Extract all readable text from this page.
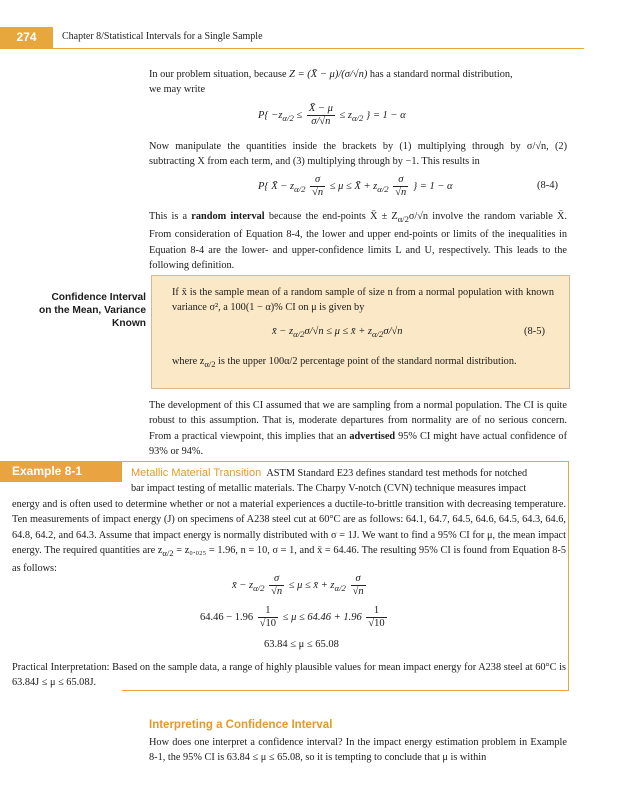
274	Chapter 8/Statistical Intervals for a Single Sample
In our problem situation, because Z = (X̄ − μ)/(σ/√n) has a standard normal distribution,
we may write
$P\{ -z_{\alpha/2} \le \frac{X̄ - \mu}{\sigma/√n} \le z_{\alpha/2}$ } = 1 − α
Now manipulate the quantities inside the brackets by (1) multiplying through by σ/√n, (2) subtracting X from each term, and (3) multiplying through by −1. This results in
P{ X̄ − $z_{\alpha/2} \frac{\sigma}{√n} \le \mu$ ≤ X̄ + $z_{\alpha/2} \frac{\sigma}{√n}$ } = 1 − α	(8-4)
This is a random interval because the end-points X̄ ± $Z_{\alpha/2}\sigma/√n$ involve the random variable X̄. From consideration of Equation 8-4, the lower and upper end-points or limits of the inequalities in Equation 8-4 are the lower- and upper-confidence limits L and U, respectively. This leads to the following definition.
Confidence Interval
on the Mean, Variance
Known
If x̄ is the sample mean of a random sample of size n from a normal population with known variance σ², a 100(1 − α)% CI on μ is given by
x̄ − $z_{\alpha/2}\sigma/√n \le \mu$ ≤ x̄ + $z_{\alpha/2}\sigma/√n$	(8-5)
where $z_{\alpha/2}$ is the upper 100α/2 percentage point of the standard normal distribution.
The development of this CI assumed that we are sampling from a normal population. The CI is quite robust to this assumption. That is, moderate departures from normality are of no serious concern. From a practical viewpoint, this implies that an advertised 95% CI might have actual confidence of 93% or 94%.
Example 8-1	Metallic Material Transition ASTM Standard E23 defines standard test methods for notched
bar impact testing of metallic materials. The Charpy V-notch (CVN) technique measures impact
energy and is often used to determine whether or not a material experiences a ductile-to-brittle transition with decreasing temperature. Ten measurements of impact energy (J) on specimens of A238 steel cut at 60°C are as follows: 64.1, 64.7, 64.5, 64.6, 64.5, 64.3, 64.6, 64.8, 64.2, and 64.3. Assume that impact energy is normally distributed with σ = 1J. We want to find a 95% CI for μ, the mean impact energy. The required quantities are $z_{\alpha/2} = z_0._{025} = 1.96$, n = 10, σ = 1, and x̄ = 64.46. The resulting 95% CI is found from Equation 8-5 as follows:
x̄ − $z_{\alpha/2} \frac{\sigma}{√n} \le \mu$ ≤ x̄ + $z_{\alpha/2} \frac{\sigma}{√n}$
$64.46 - 1.96 \frac{1}{√10} \le \mu \le 64.46 + 1.96 \frac{1}{√10}$
63.84 ≤ μ ≤ 65.08
Practical Interpretation: Based on the sample data, a range of highly plausible values for mean impact energy for A238 steel at 60°C is 63.84J ≤ μ ≤ 65.08J.
Interpreting a Confidence Interval
How does one interpret a confidence interval? In the impact energy estimation problem in Example 8-1, the 95% CI is 63.84 ≤ μ ≤ 65.08, so it is tempting to conclude that μ is within
